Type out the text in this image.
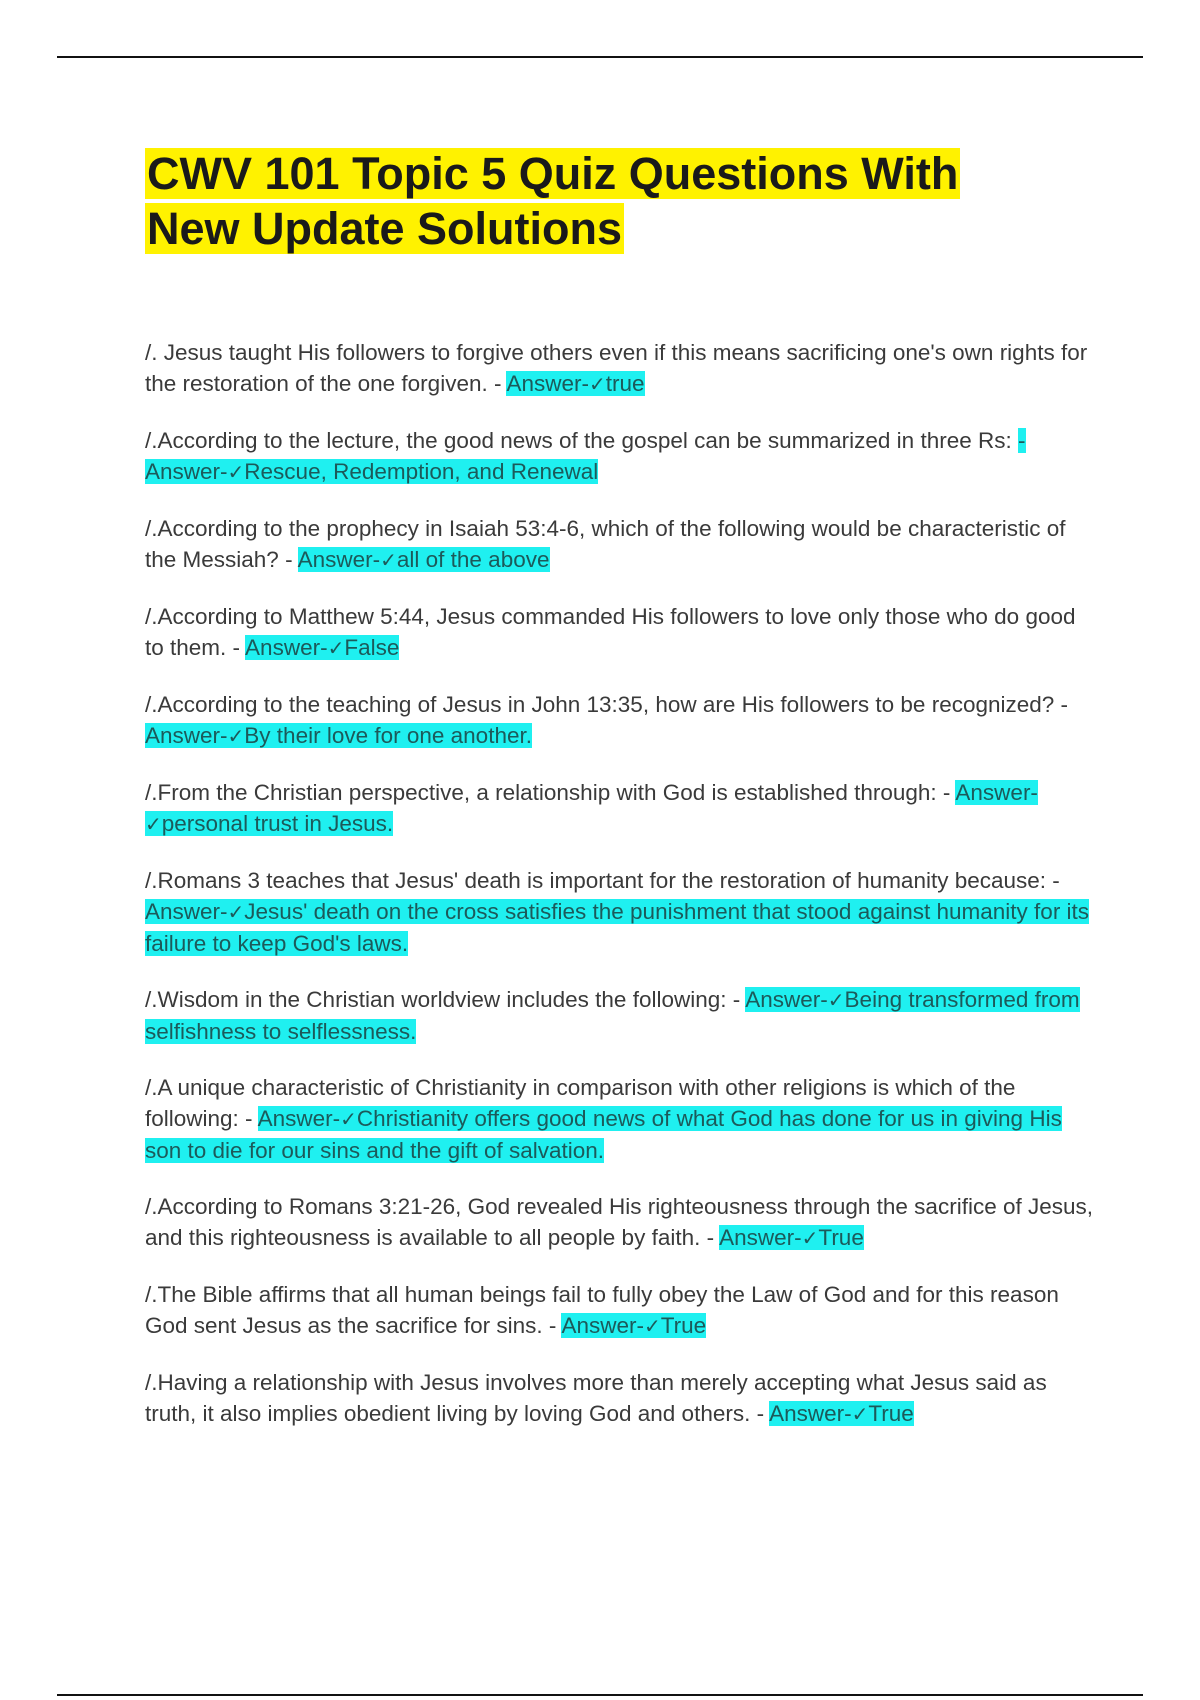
CWV 101 Topic 5 Quiz Questions With
New Update Solutions

/. Jesus taught His followers to forgive others even if this means sacrificing one's own rights for the restoration of the one forgiven. - Answer-✓true

/.According to the lecture, the good news of the gospel can be summarized in three Rs: - Answer-✓Rescue, Redemption, and Renewal

/.According to the prophecy in Isaiah 53:4-6, which of the following would be characteristic of the Messiah? - Answer-✓all of the above

/.According to Matthew 5:44, Jesus commanded His followers to love only those who do good to them. - Answer-✓False

/.According to the teaching of Jesus in John 13:35, how are His followers to be recognized? - Answer-✓By their love for one another.

/.From the Christian perspective, a relationship with God is established through: - Answer-✓personal trust in Jesus.

/.Romans 3 teaches that Jesus' death is important for the restoration of humanity because: - Answer-✓Jesus' death on the cross satisfies the punishment that stood against humanity for its failure to keep God's laws.

/.Wisdom in the Christian worldview includes the following: - Answer-✓Being transformed from selfishness to selflessness.

/.A unique characteristic of Christianity in comparison with other religions is which of the following: - Answer-✓Christianity offers good news of what God has done for us in giving His son to die for our sins and the gift of salvation.

/.According to Romans 3:21-26, God revealed His righteousness through the sacrifice of Jesus, and this righteousness is available to all people by faith. - Answer-✓True

/.The Bible affirms that all human beings fail to fully obey the Law of God and for this reason God sent Jesus as the sacrifice for sins. - Answer-✓True

/.Having a relationship with Jesus involves more than merely accepting what Jesus said as truth, it also implies obedient living by loving God and others. - Answer-✓True
